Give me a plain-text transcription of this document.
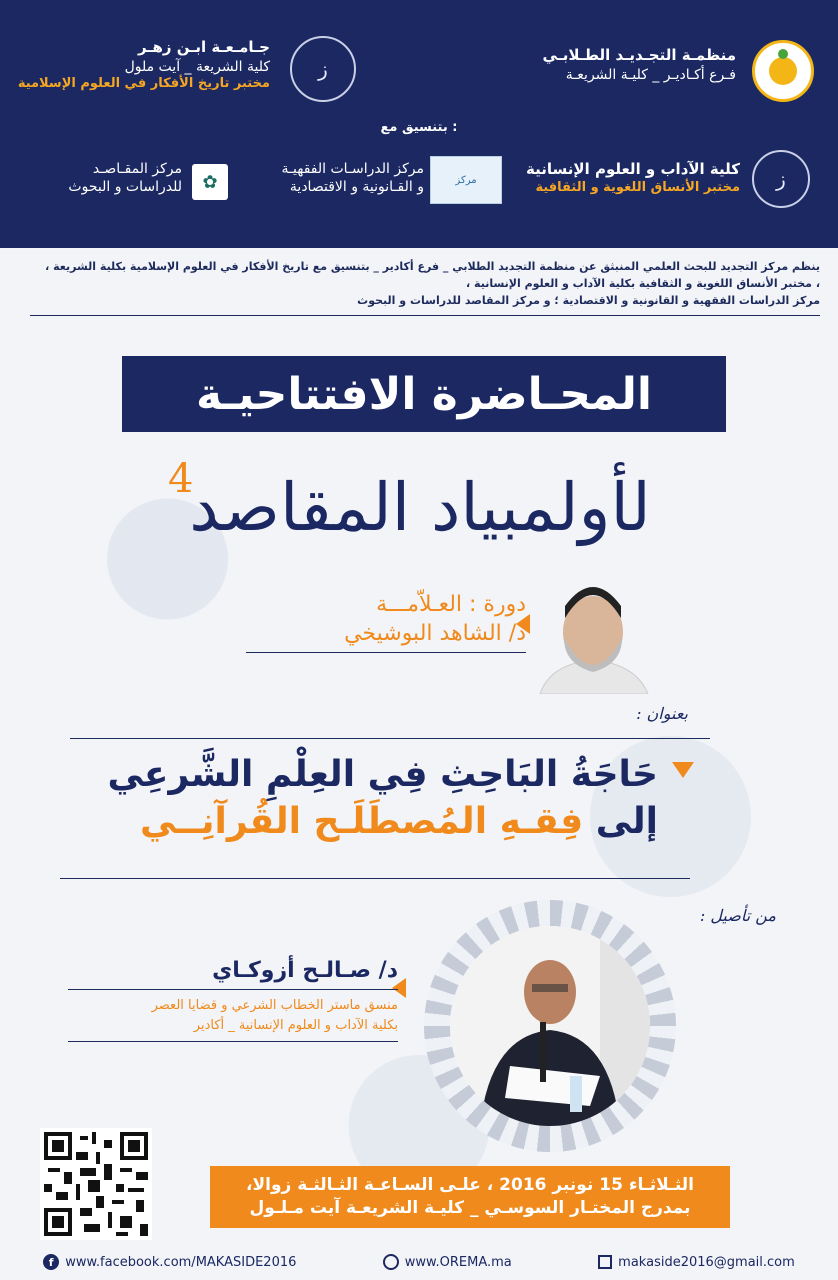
منظمـة التجـديـد الطـلابـي
فـرع أكـاديـر _ كليـة الشريعـة
ز
جـامـعـة ابـن زهـر
كلية الشريعة _ آيت ملول
مختبر تاريخ الأفكار في العلوم الإسلامية
بتنسيق مع :
ز
كلية الآداب و العلوم الإنسانية
مختبر الأنساق اللغوية و الثقافية
مركز
مركز الدراسـات الفقهيـة
و القـانونية و الاقتصادية
✿
مركز المقـاصـد
للدراسات و البحوث
ينظم مركز التجديد للبحث العلمي المنبثق عن منظمة التجديد الطلابي _ فرع أكادير _ بتنسيق مع تاريخ الأفكار في العلوم الإسلامية بكلية الشريعة ،
، مختبر الأنساق اللغوية و الثقافية بكلية الآداب و العلوم الإنسانية ،
مركز الدراسات الفقهية و القانونية و الاقتصادية ؛ و مركز المقاصد للدراسات و البحوث
المحـاضرة الافتتاحيـة
لأولمبياد المقاصد
4
دورة : العـلاّمـــة
د/ الشاهد البوشيخي
بعنوان :
حَاجَةُ البَاحِثِ فِي العِلْمِ الشَّرعِي
إلى فِقـهِ المُصطَلَـح القُرآنِــي
من تأصيل :
د/ صـالـح أزوكـاي
منسق ماستر الخطاب الشرعي و قضايا العصر
بكلية الآداب و العلوم الإنسانية _ أكادير
الثـلاثـاء 15 نونبر 2016 ، علـى السـاعـة الثـالثـة زوالا،
بمدرج المختـار السوسـي _ كليـة الشريعـة آيت مـلـول
f www.facebook.com/MAKASIDE2016	www.OREMA.ma	makaside2016@gmail.com
